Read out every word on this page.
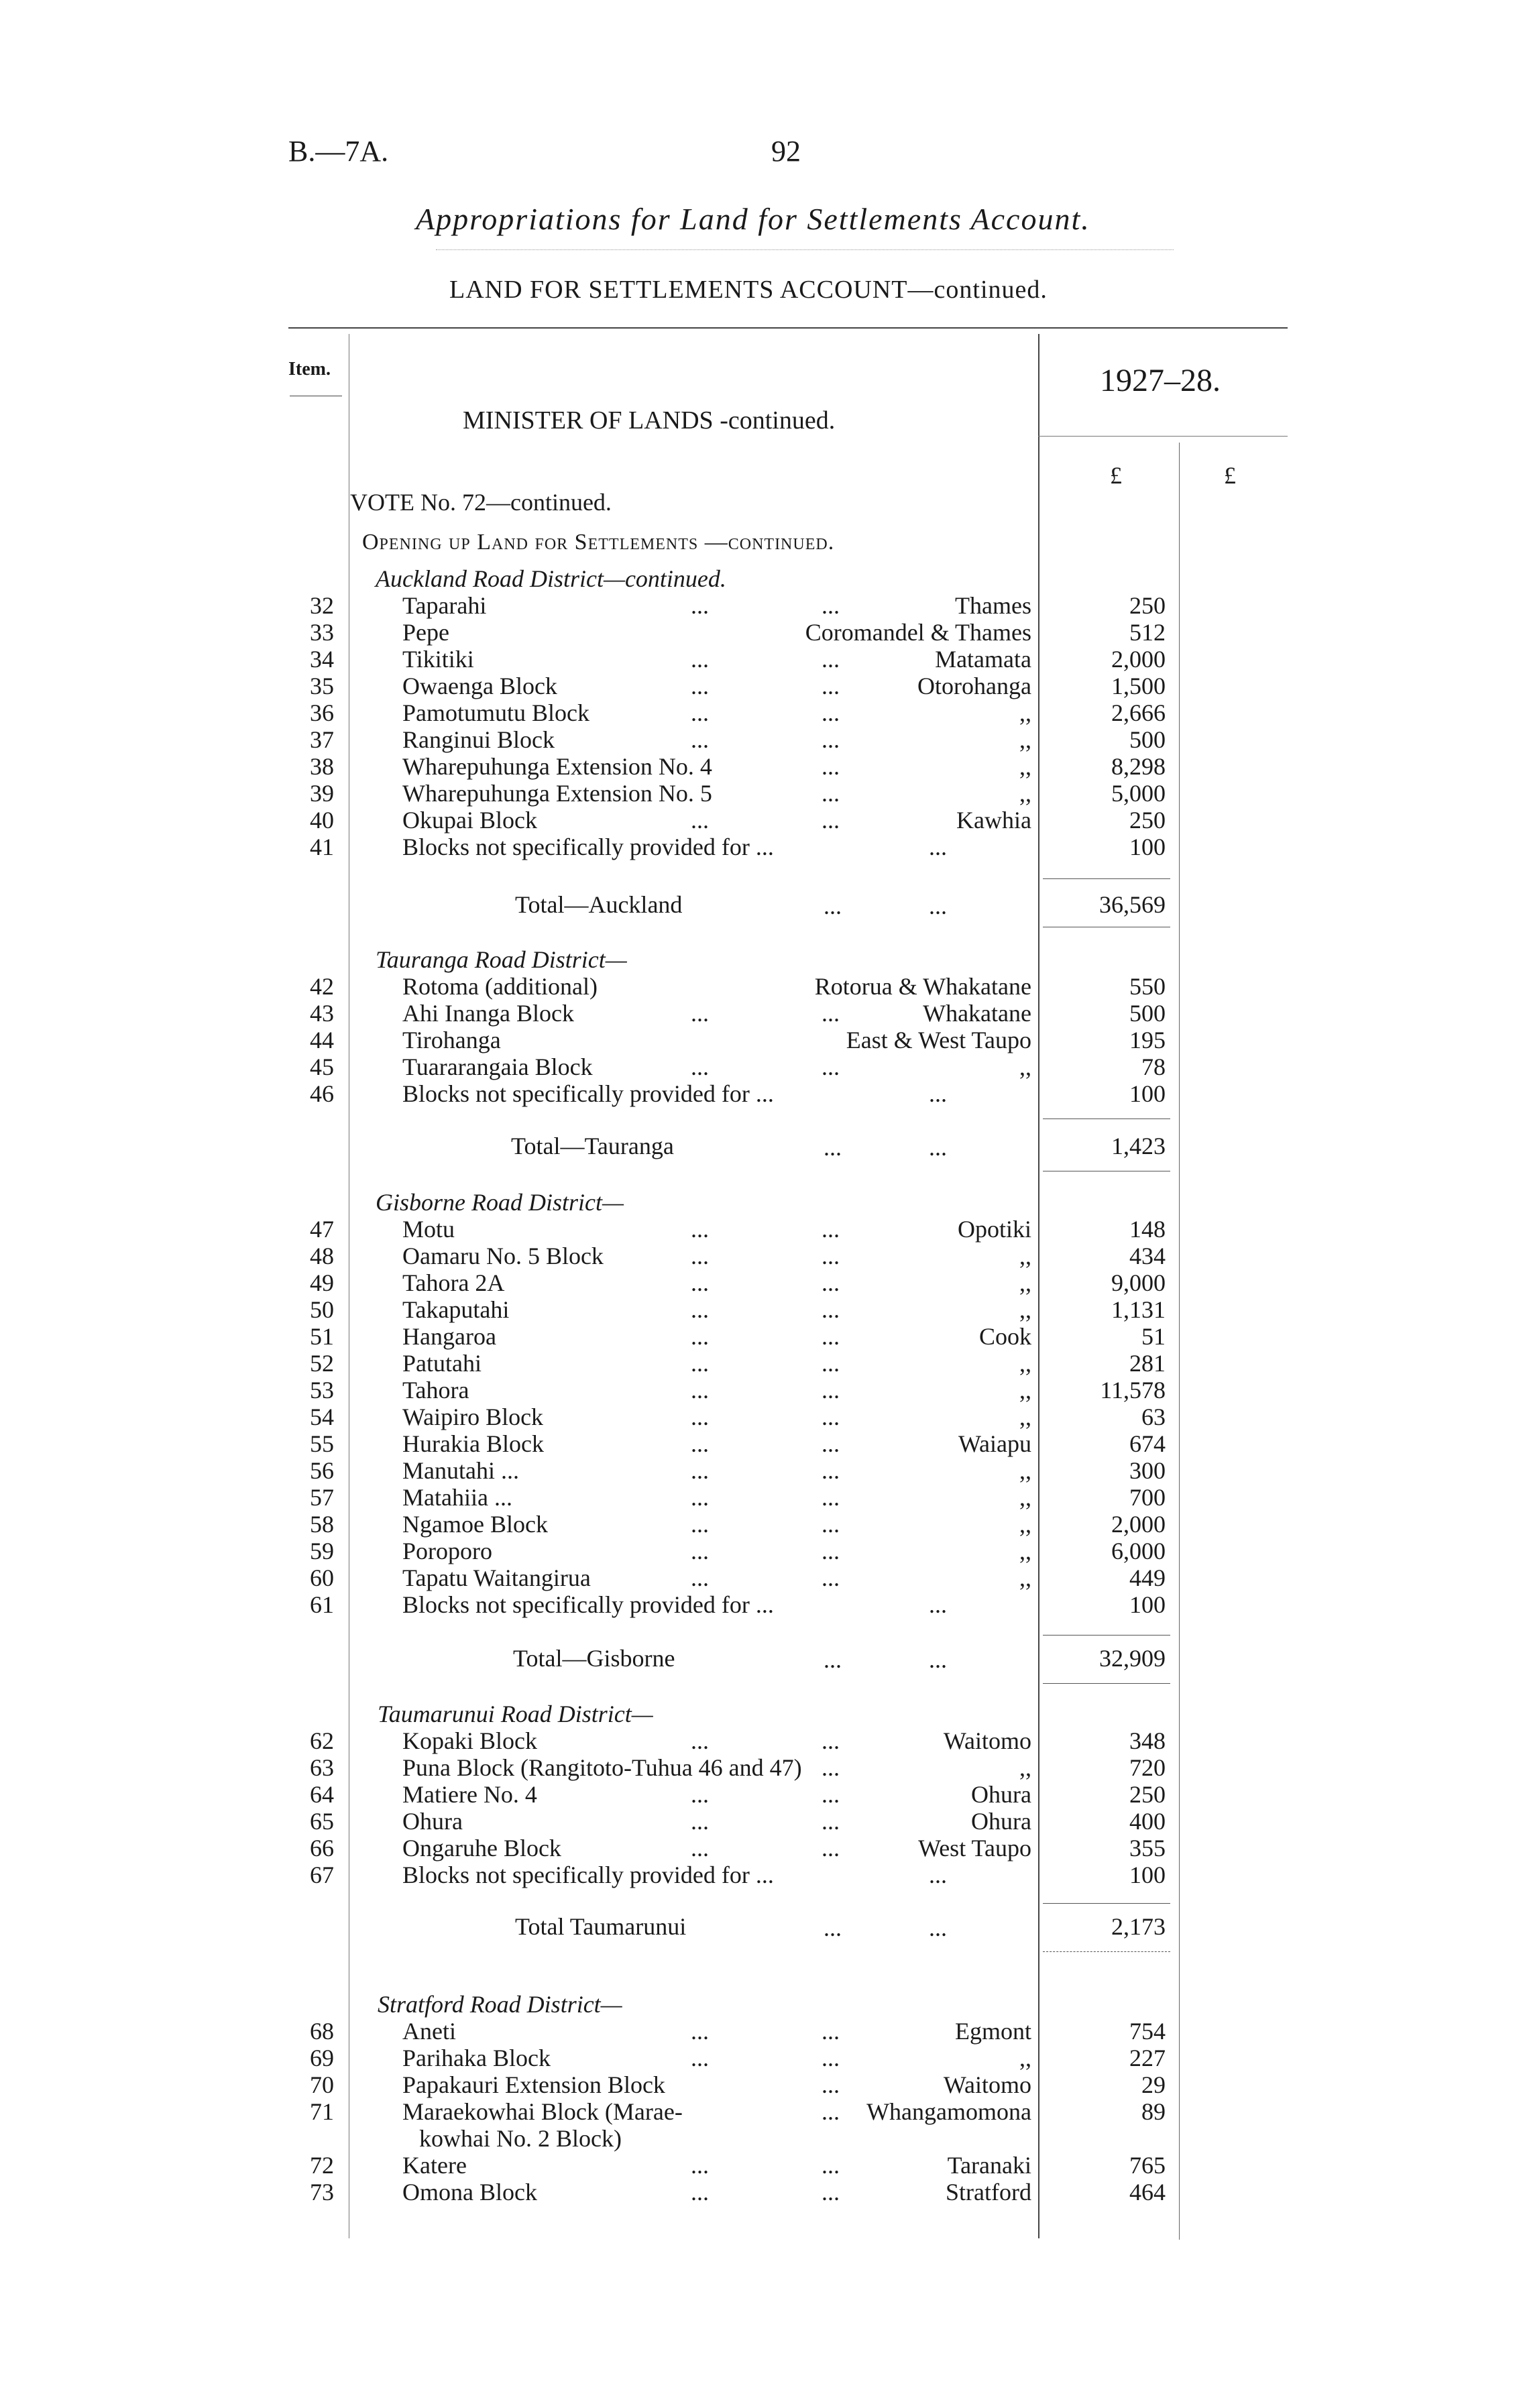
B.—7A.	92
Appropriations for Land for Settlements Account.
LAND FOR SETTLEMENTS ACCOUNT—continued.
Item.	1927–28.
MINISTER OF LANDS -continued.
£	£
VOTE No. 72—continued.
Opening up Land for Settlements —continued.
Auckland Road District—continued.
32	Taparahi	...	...	Thames	250
33	Pepe	Coromandel & Thames	512
34	Tikitiki	...	...	Matamata	2,000
35	Owaenga Block	...	...	Otorohanga	1,500
36	Pamotumutu Block	...	...	,,	2,666
37	Ranginui Block	...	...	,,	500
38	Wharepuhunga Extension No. 4	...	,,	8,298
39	Wharepuhunga Extension No. 5	...	,,	5,000
40	Okupai Block	...	...	Kawhia	250
41	Blocks not specifically provided for ...	...	100
Total—Auckland	...	...	36,569
Tauranga Road District—
42	Rotoma (additional)	Rotorua & Whakatane	550
43	Ahi Inanga Block	...	...	Whakatane	500
44	Tirohanga	East & West Taupo	195
45	Tuararangaia Block	...	...	,,	78
46	Blocks not specifically provided for ...	...	100
Total—Tauranga	...	...	1,423
Gisborne Road District—
47	Motu	...	...	Opotiki	148
48	Oamaru No. 5 Block	...	...	,,	434
49	Tahora 2A	...	...	,,	9,000
50	Takaputahi	...	...	,,	1,131
51	Hangaroa	...	...	Cook	51
52	Patutahi	...	...	,,	281
53	Tahora	...	...	,,	11,578
54	Waipiro Block	...	...	,,	63
55	Hurakia Block	...	...	Waiapu	674
56	Manutahi ...	...	...	,,	300
57	Matahiia ...	...	...	,,	700
58	Ngamoe Block	...	...	,,	2,000
59	Poroporo	...	...	,,	6,000
60	Tapatu Waitangirua	...	...	,,	449
61	Blocks not specifically provided for ...	...	100
Total—Gisborne	...	...	32,909
Taumarunui Road District—
62	Kopaki Block	...	...	Waitomo	348
63	Puna Block (Rangitoto-Tuhua 46 and 47) ...	,,	720
64	Matiere No. 4	...	...	Ohura	250
65	Ohura	...	...	Ohura	400
66	Ongaruhe Block	...	...	West Taupo	355
67	Blocks not specifically provided for ...	...	100
Total Taumarunui	...	...	2,173
Stratford Road District—
68	Aneti	...	...	Egmont	754
69	Parihaka Block	...	...	,,	227
70	Papakauri Extension Block	...	Waitomo	29
71	Maraekowhai Block (Marae-	... Whangamomona	89
kowhai No. 2 Block)
72	Katere	...	...	Taranaki	765
73	Omona Block	...	...	Stratford	464
